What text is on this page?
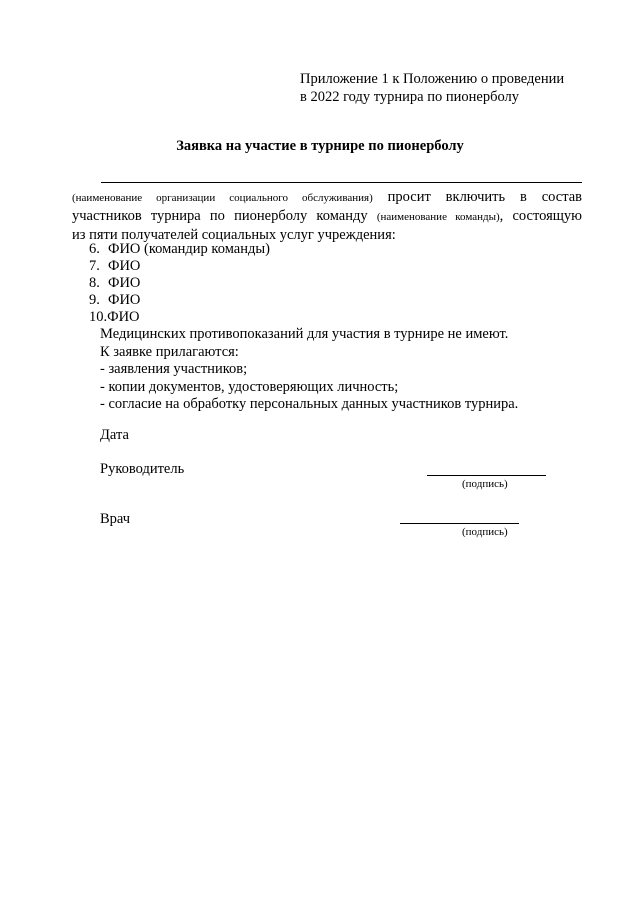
Приложение 1 к Положению о проведении
в 2022 году турнира по пионерболу
Заявка на участие в турнире по пионерболу
(наименование организации социального обслуживания) просит включить в состав
участников турнира по пионерболу команду (наименование команды), состоящую
из пяти получателей социальных услуг учреждения:
6. ФИО (командир команды)
7. ФИО
8. ФИО
9. ФИО
10.ФИО
Медицинских противопоказаний для участия в турнире не имеют.
К заявке прилагаются:
- заявления участников;
- копии документов, удостоверяющих личность;
- согласие на обработку персональных данных участников турнира.
Дата
Руководитель
(подпись)
Врач
(подпись)
